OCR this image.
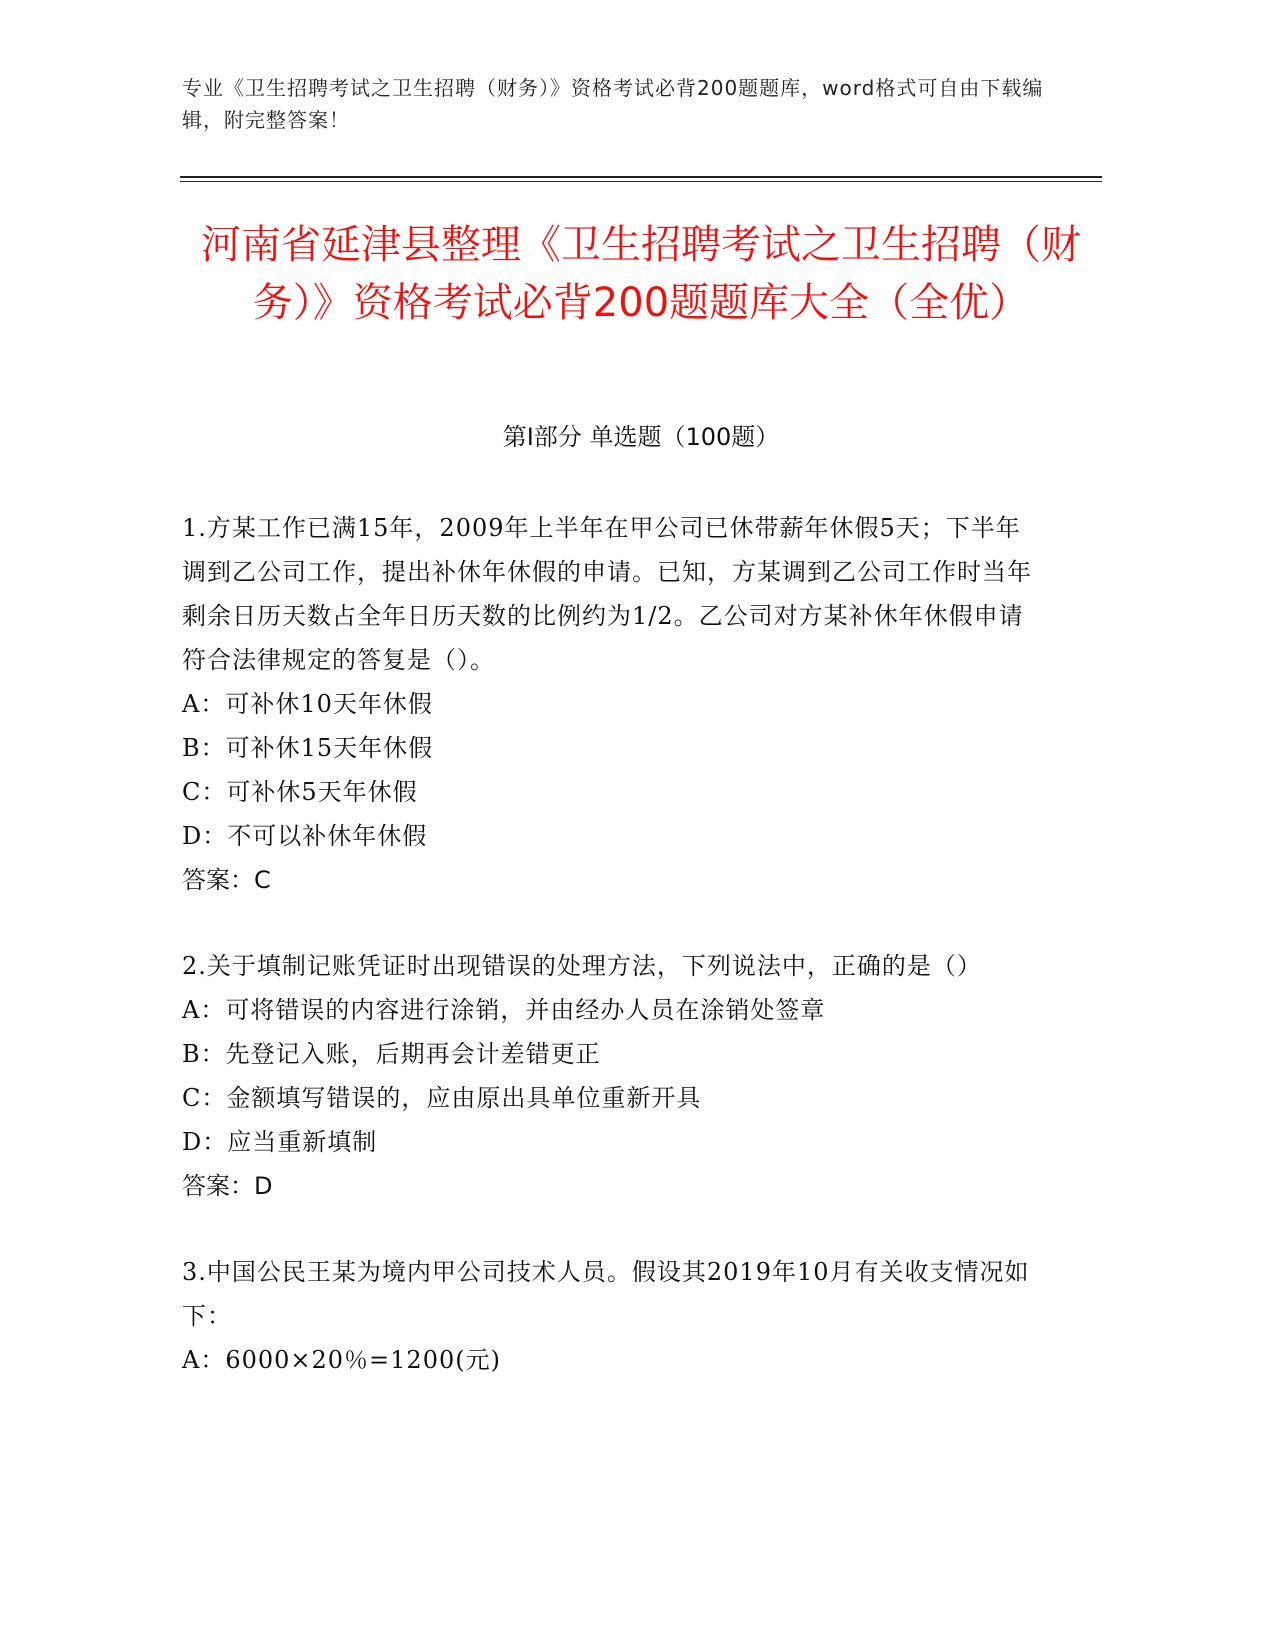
专业《卫生招聘考试之卫生招聘（财务）》资格考试必背200题题库，word格式可自由下载编辑，附完整答案！
河南省延津县整理《卫生招聘考试之卫生招聘（财务）》资格考试必背200题题库大全（全优）
第I部分 单选题（100题）
1.方某工作已满15年，2009年上半年在甲公司已休带薪年休假5天；下半年调到乙公司工作，提出补休年休假的申请。已知，方某调到乙公司工作时当年剩余日历天数占全年日历天数的比例约为1/2。乙公司对方某补休年休假申请符合法律规定的答复是（）。
A：可补休10天年休假
B：可补休15天年休假
C：可补休5天年休假
D：不可以补休年休假
答案：C
2.关于填制记账凭证时出现错误的处理方法，下列说法中，正确的是（）
A：可将错误的内容进行涂销，并由经办人员在涂销处签章
B：先登记入账，后期再会计差错更正
C：金额填写错误的，应由原出具单位重新开具
D：应当重新填制
答案：D
3.中国公民王某为境内甲公司技术人员。假设其2019年10月有关收支情况如下：
A：6000×20％=1200(元)
